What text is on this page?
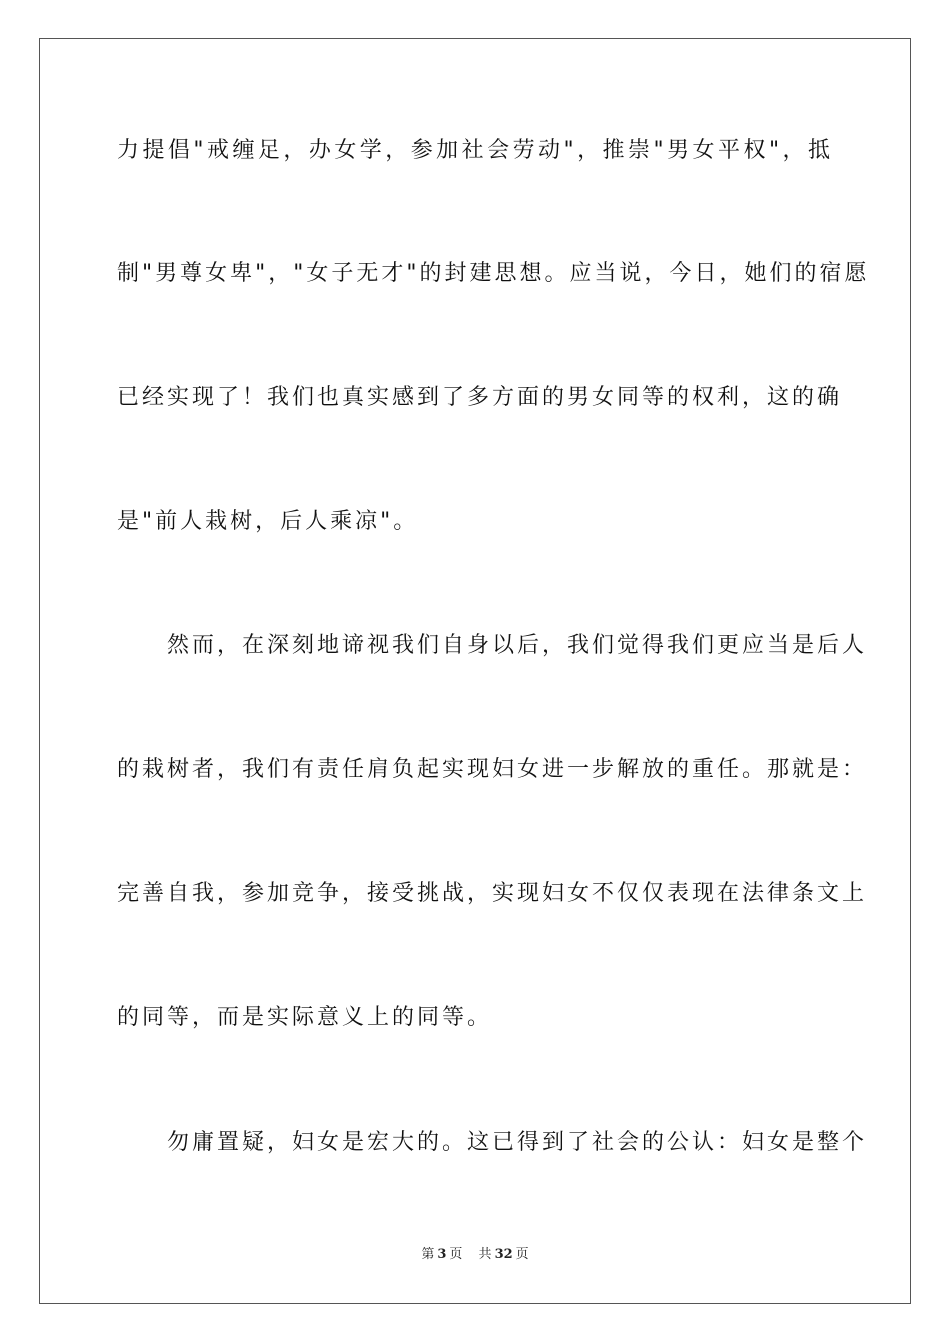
力提倡"戒缠足，办女学，参加社会劳动"，推崇"男女平权"，抵
制"男尊女卑"，"女子无才"的封建思想。应当说，今日，她们的宿愿
已经实现了！我们也真实感到了多方面的男女同等的权利，这的确
是"前人栽树，后人乘凉"。
　　然而，在深刻地谛视我们自身以后，我们觉得我们更应当是后人
的栽树者，我们有责任肩负起实现妇女进一步解放的重任。那就是：
完善自我，参加竞争，接受挑战，实现妇女不仅仅表现在法律条文上
的同等，而是实际意义上的同等。
　　勿庸置疑，妇女是宏大的。这已得到了社会的公认：妇女是整个
第 3 页 共 32 页
